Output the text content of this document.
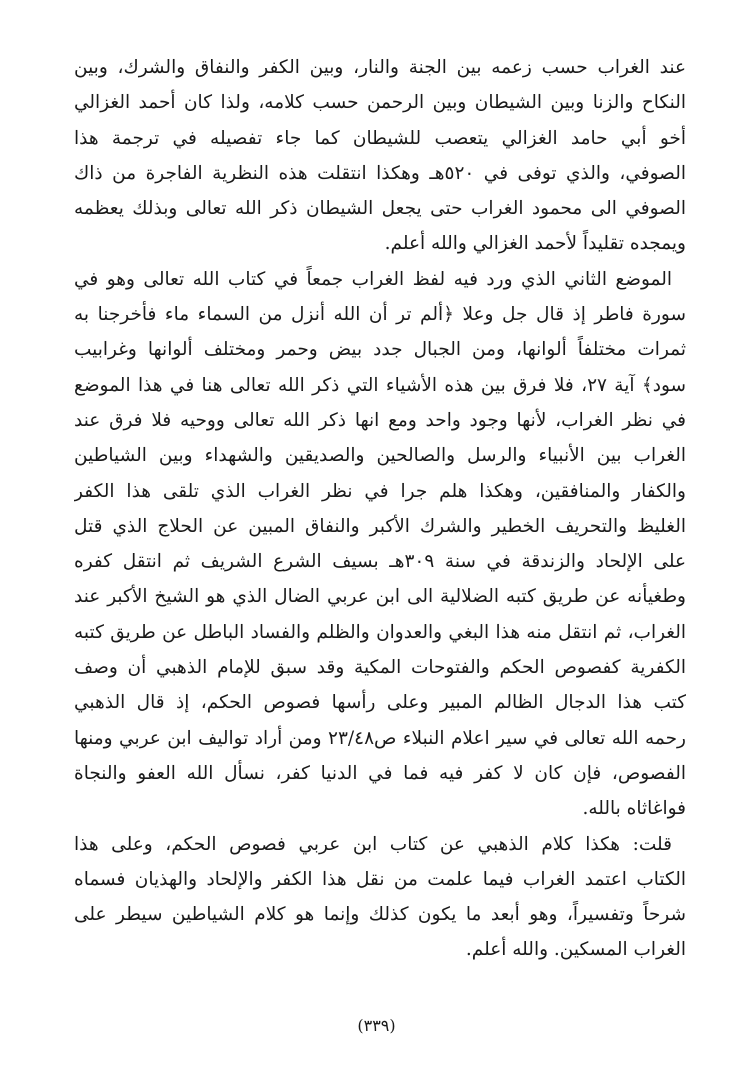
عند الغراب حسب زعمه بين الجنة والنار، وبين الكفر والنفاق والشرك، وبين
النكاح والزنا وبين الشيطان وبين الرحمن حسب كلامه، ولذا كان أحمد الغزالي
أخو أبي حامد الغزالي يتعصب للشيطان كما جاء تفصيله في ترجمة هذا
الصوفي، والذي توفى في ٥٢٠هـ وهكذا انتقلت هذه النظرية الفاجرة من ذاك
الصوفي الى محمود الغراب حتى يجعل الشيطان ذكر الله تعالى وبذلك يعظمه
ويمجده تقليداً لأحمد الغزالي والله أعلم.
الموضع الثاني الذي ورد فيه لفظ الغراب جمعاً في كتاب الله تعالى وهو في
سورة فاطر إذ قال جل وعلا ﴿ألم تر أن الله أنزل من السماء ماء فأخرجنا به
ثمرات مختلفاً ألوانها، ومن الجبال جدد بيض وحمر ومختلف ألوانها وغرابيب
سود﴾ آية ٢٧، فلا فرق بين هذه الأشياء التي ذكر الله تعالى هنا في هذا الموضع
في نظر الغراب، لأنها وجود واحد ومع انها ذكر الله تعالى ووحيه فلا فرق عند
الغراب بين الأنبياء والرسل والصالحين والصديقين والشهداء وبين الشياطين
والكفار والمنافقين، وهكذا هلم جرا في نظر الغراب الذي تلقى هذا الكفر
الغليظ والتحريف الخطير والشرك الأكبر والنفاق المبين عن الحلاج الذي قتل
على الإلحاد والزندقة في سنة ٣٠٩هـ بسيف الشرع الشريف ثم انتقل كفره
وطغيأنه عن طريق كتبه الضلالية الى ابن عربي الضال الذي هو الشيخ الأكبر عند
الغراب، ثم انتقل منه هذا البغي والعدوان والظلم والفساد الباطل عن طريق كتبه
الكفرية كفصوص الحكم والفتوحات المكية وقد سبق للإمام الذهبي أن وصف
كتب هذا الدجال الظالم المبير وعلى رأسها فصوص الحكم، إذ قال الذهبي
رحمه الله تعالى في سير اعلام النبلاء ص٢٣/٤٨ ومن أراد تواليف ابن عربي ومنها
الفصوص، فإن كان لا كفر فيه فما في الدنيا كفر، نسأل الله العفو والنجاة
فواغاثاه بالله.
قلت: هكذا كلام الذهبي عن كتاب ابن عربي فصوص الحكم، وعلى هذا
الكتاب اعتمد الغراب فيما علمت من نقل هذا الكفر والإلحاد والهذيان فسماه
شرحاً وتفسيراً، وهو أبعد ما يكون كذلك وإنما هو كلام الشياطين سيطر على
الغراب المسكين. والله أعلم.
(٣٣٩)
